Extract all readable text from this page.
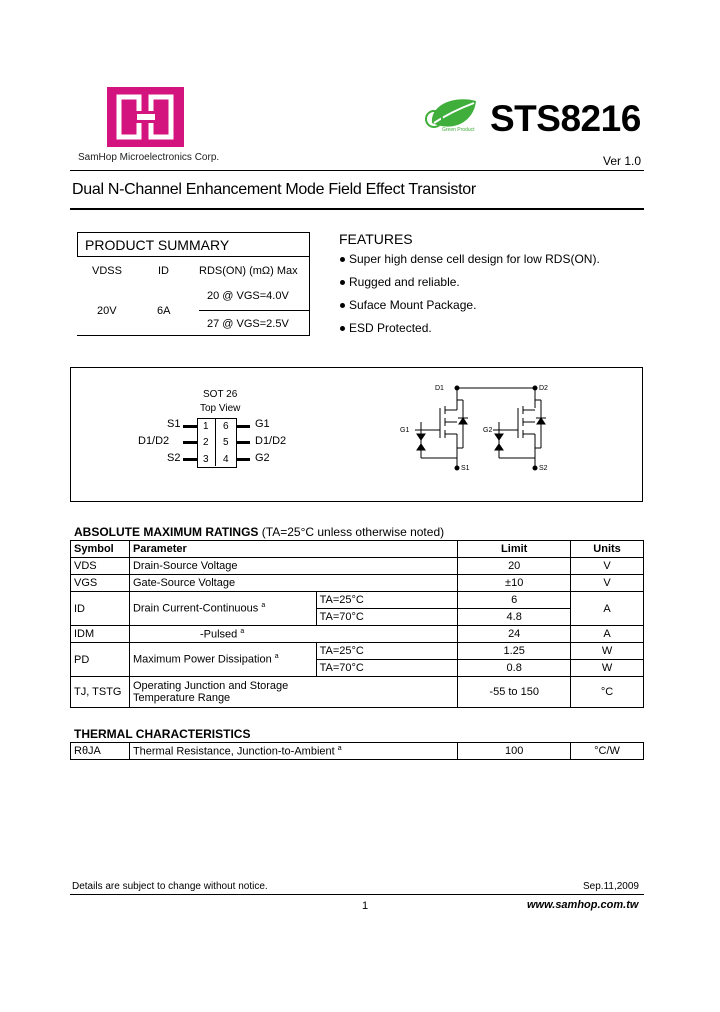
SamHop Microelectronics Corp.
Green Product STS8216
Ver 1.0
Dual N-Channel Enhancement Mode Field Effect Transistor
PRODUCT SUMMARY
VDSS	ID	RDS(ON) (mΩ) Max
20V	6A
20 @ VGS=4.0V
27 @ VGS=2.5V
FEATURES
Super high dense cell design for low RDS(ON).
Rugged and reliable.
Suface Mount Package.
ESD Protected.
SOT 26
Top View
S1
D1/D2
S2
1
2
3
6
5
4
G1
D1/D2
G2
D1	D2
G1	G2
S1	S2
ABSOLUTE MAXIMUM RATINGS (TA=25°C unless otherwise noted)
Symbol	Parameter		Limit	Units
VDS	Drain-Source Voltage		20	V
VGS	Gate-Source Voltage		±10	V
ID	Drain Current-Continuous $^a$	TA=25°C	6	A
		TA=70°C	4.8	
IDM	-Pulsed $^a$		24	A
PD	Maximum Power Dissipation $^a$	TA=25°C	1.25	W
		TA=70°C	0.8	W
TJ, TSTG	Operating Junction and Storage
Temperature Range		-55 to 150	°C
THERMAL CHARACTERISTICS
RθJA	Thermal Resistance, Junction-to-Ambient $^a$	100	°C/W
Details are subject to change without notice.	Sep.11,2009
1	www.samhop.com.tw
